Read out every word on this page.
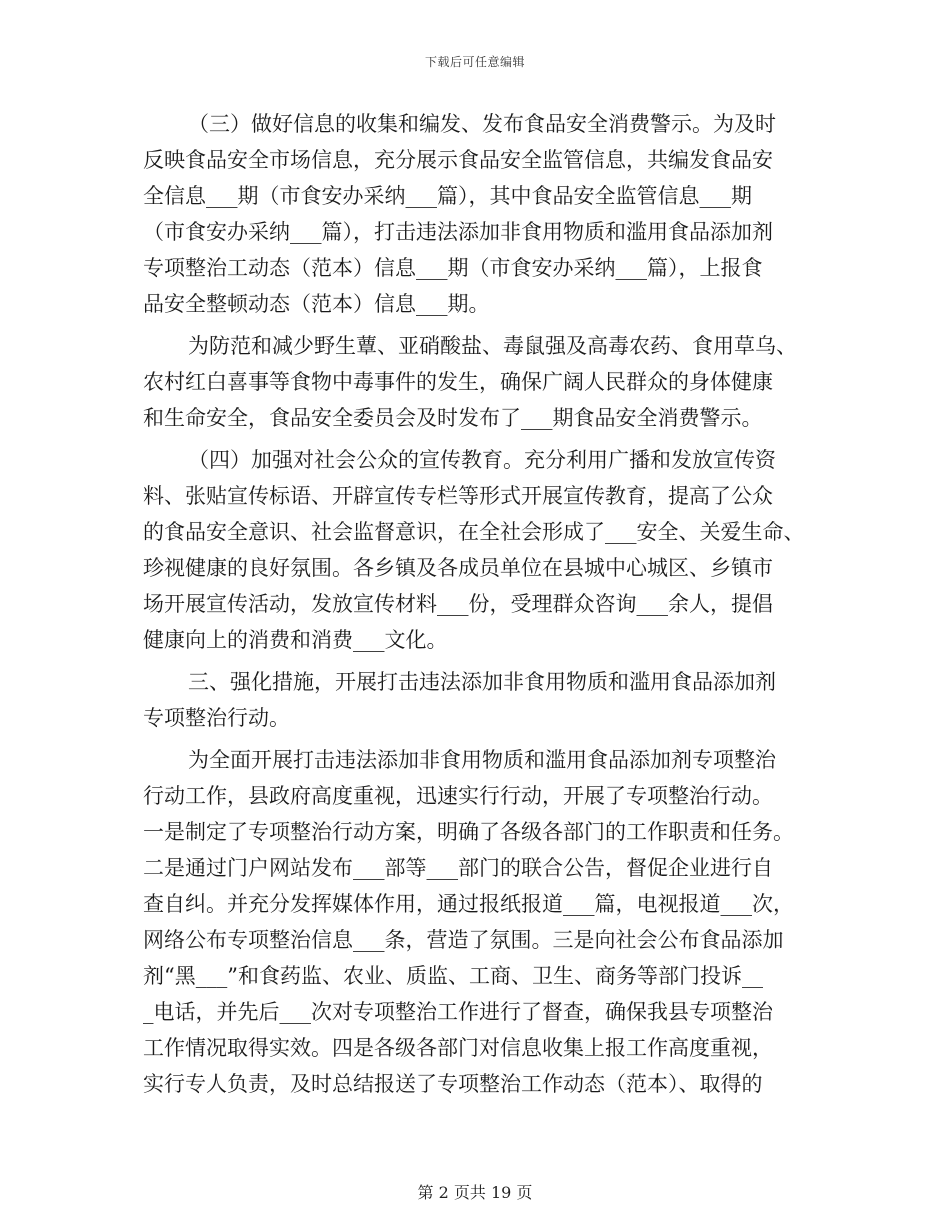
下载后可任意编辑
（三）做好信息的收集和编发、发布食品安全消费警示。为及时
反映食品安全市场信息，充分展示食品安全监管信息，共编发食品安
全信息___期（市食安办采纳___篇），其中食品安全监管信息___期
（市食安办采纳___篇），打击违法添加非食用物质和滥用食品添加剂
专项整治工动态（范本）信息___期（市食安办采纳___篇），上报食
品安全整顿动态（范本）信息___期。
为防范和减少野生蕈、亚硝酸盐、毒鼠强及高毒农药、食用草乌、
农村红白喜事等食物中毒事件的发生，确保广阔人民群众的身体健康
和生命安全，食品安全委员会及时发布了___期食品安全消费警示。
（四）加强对社会公众的宣传教育。充分利用广播和发放宣传资
料、张贴宣传标语、开辟宣传专栏等形式开展宣传教育，提高了公众
的食品安全意识、社会监督意识，在全社会形成了___安全、关爱生命、
珍视健康的良好氛围。各乡镇及各成员单位在县城中心城区、乡镇市
场开展宣传活动，发放宣传材料___份，受理群众咨询___余人，提倡
健康向上的消费和消费___文化。
三、强化措施，开展打击违法添加非食用物质和滥用食品添加剂
专项整治行动。
为全面开展打击违法添加非食用物质和滥用食品添加剂专项整治
行动工作，县政府高度重视，迅速实行行动，开展了专项整治行动。
一是制定了专项整治行动方案，明确了各级各部门的工作职责和任务。
二是通过门户网站发布___部等___部门的联合公告，督促企业进行自
查自纠。并充分发挥媒体作用，通过报纸报道___篇，电视报道___次，
网络公布专项整治信息___条，营造了氛围。三是向社会公布食品添加
剂“黑___”和食药监、农业、质监、工商、卫生、商务等部门投诉__
_电话，并先后___次对专项整治工作进行了督查，确保我县专项整治
工作情况取得实效。四是各级各部门对信息收集上报工作高度重视，
实行专人负责，及时总结报送了专项整治工作动态（范本）、取得的
第 2 页共 19 页
